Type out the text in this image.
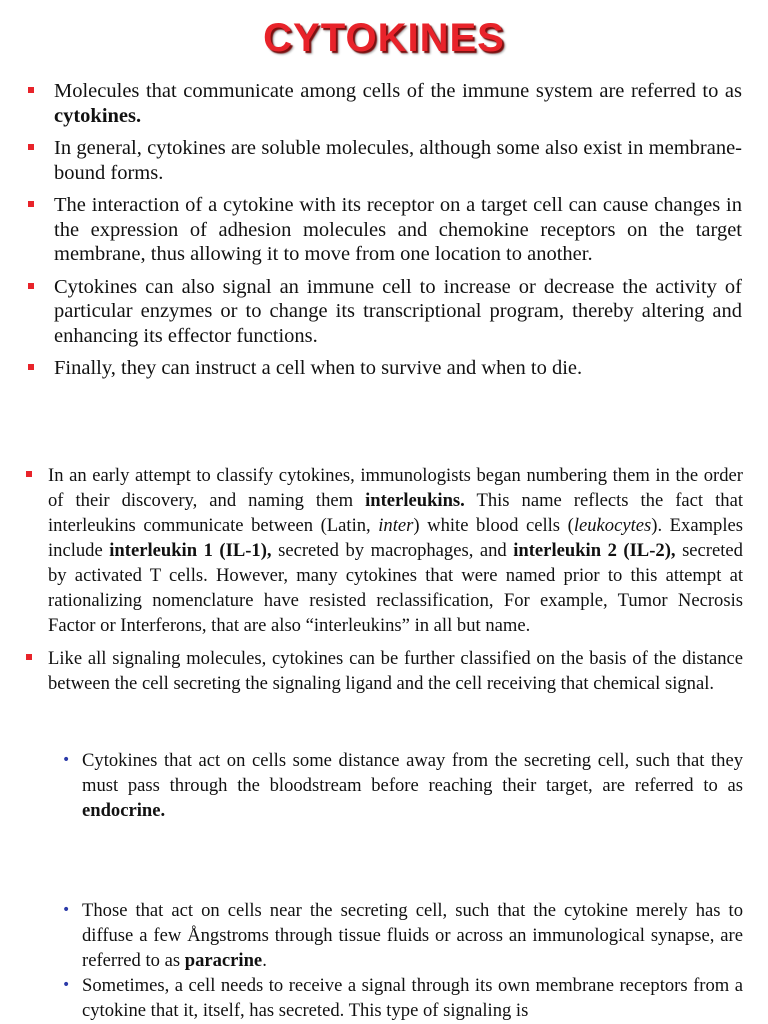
CYTOKINES
Molecules that communicate among cells of the immune system are referred to as cytokines.
In general, cytokines are soluble molecules, although some also exist in membrane-bound forms.
The interaction of a cytokine with its receptor on a target cell can cause changes in the expression of adhesion molecules and chemokine receptors on the target membrane, thus allowing it to move from one location to another.
Cytokines can also signal an immune cell to increase or decrease the activity of particular enzymes or to change its transcriptional program, thereby altering and enhancing its effector functions.
Finally, they can instruct a cell when to survive and when to die.
In an early attempt to classify cytokines, immunologists began numbering them in the order of their discovery, and naming them interleukins. This name reflects the fact that interleukins communicate between (Latin, inter) white blood cells (leukocytes). Examples include interleukin 1 (IL-1), secreted by macrophages, and interleukin 2 (IL-2), secreted by activated T cells. However, many cytokines that were named prior to this attempt at rationalizing nomenclature have resisted reclassification, For example, Tumor Necrosis Factor or Interferons, that are also “interleukins” in all but name.
Like all signaling molecules, cytokines can be further classified on the basis of the distance between the cell secreting the signaling ligand and the cell receiving that chemical signal.
• Cytokines that act on cells some distance away from the secreting cell, such that they must pass through the bloodstream before reaching their target, are referred to as endocrine.
• Those that act on cells near the secreting cell, such that the cytokine merely has to diffuse a few Ångstroms through tissue fluids or across an immunological synapse, are referred to as paracrine.
• Sometimes, a cell needs to receive a signal through its own membrane receptors from a cytokine that it, itself, has secreted. This type of signaling is
